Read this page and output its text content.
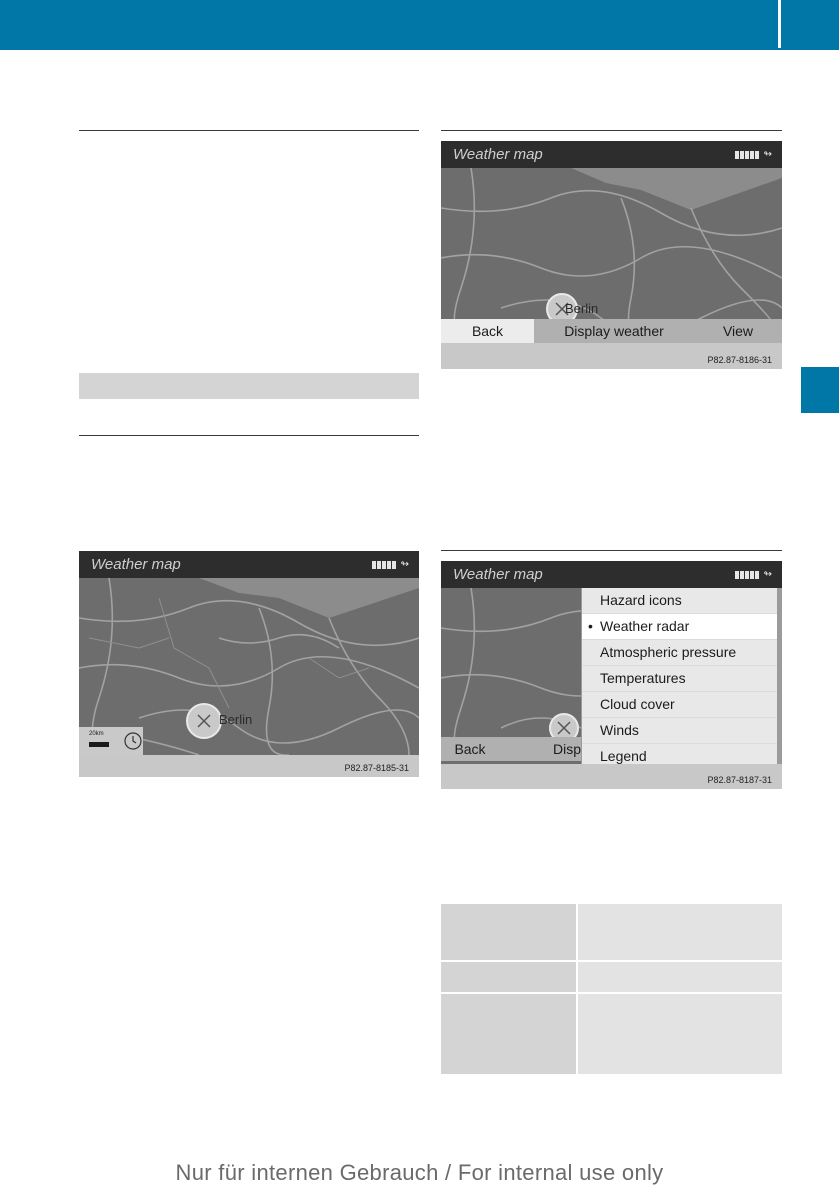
Weather map	↬
Berlin
20km
P82.87-8185-31
Weather map	↬
Berlin
Back	Display weather	View
P82.87-8186-31
Weather map	↬
Back	Disp
Hazard icons
• Weather radar
Atmospheric pressure
Temperatures
Cloud cover
Winds
Legend
P82.87-8187-31
Nur für internen Gebrauch / For internal use only
